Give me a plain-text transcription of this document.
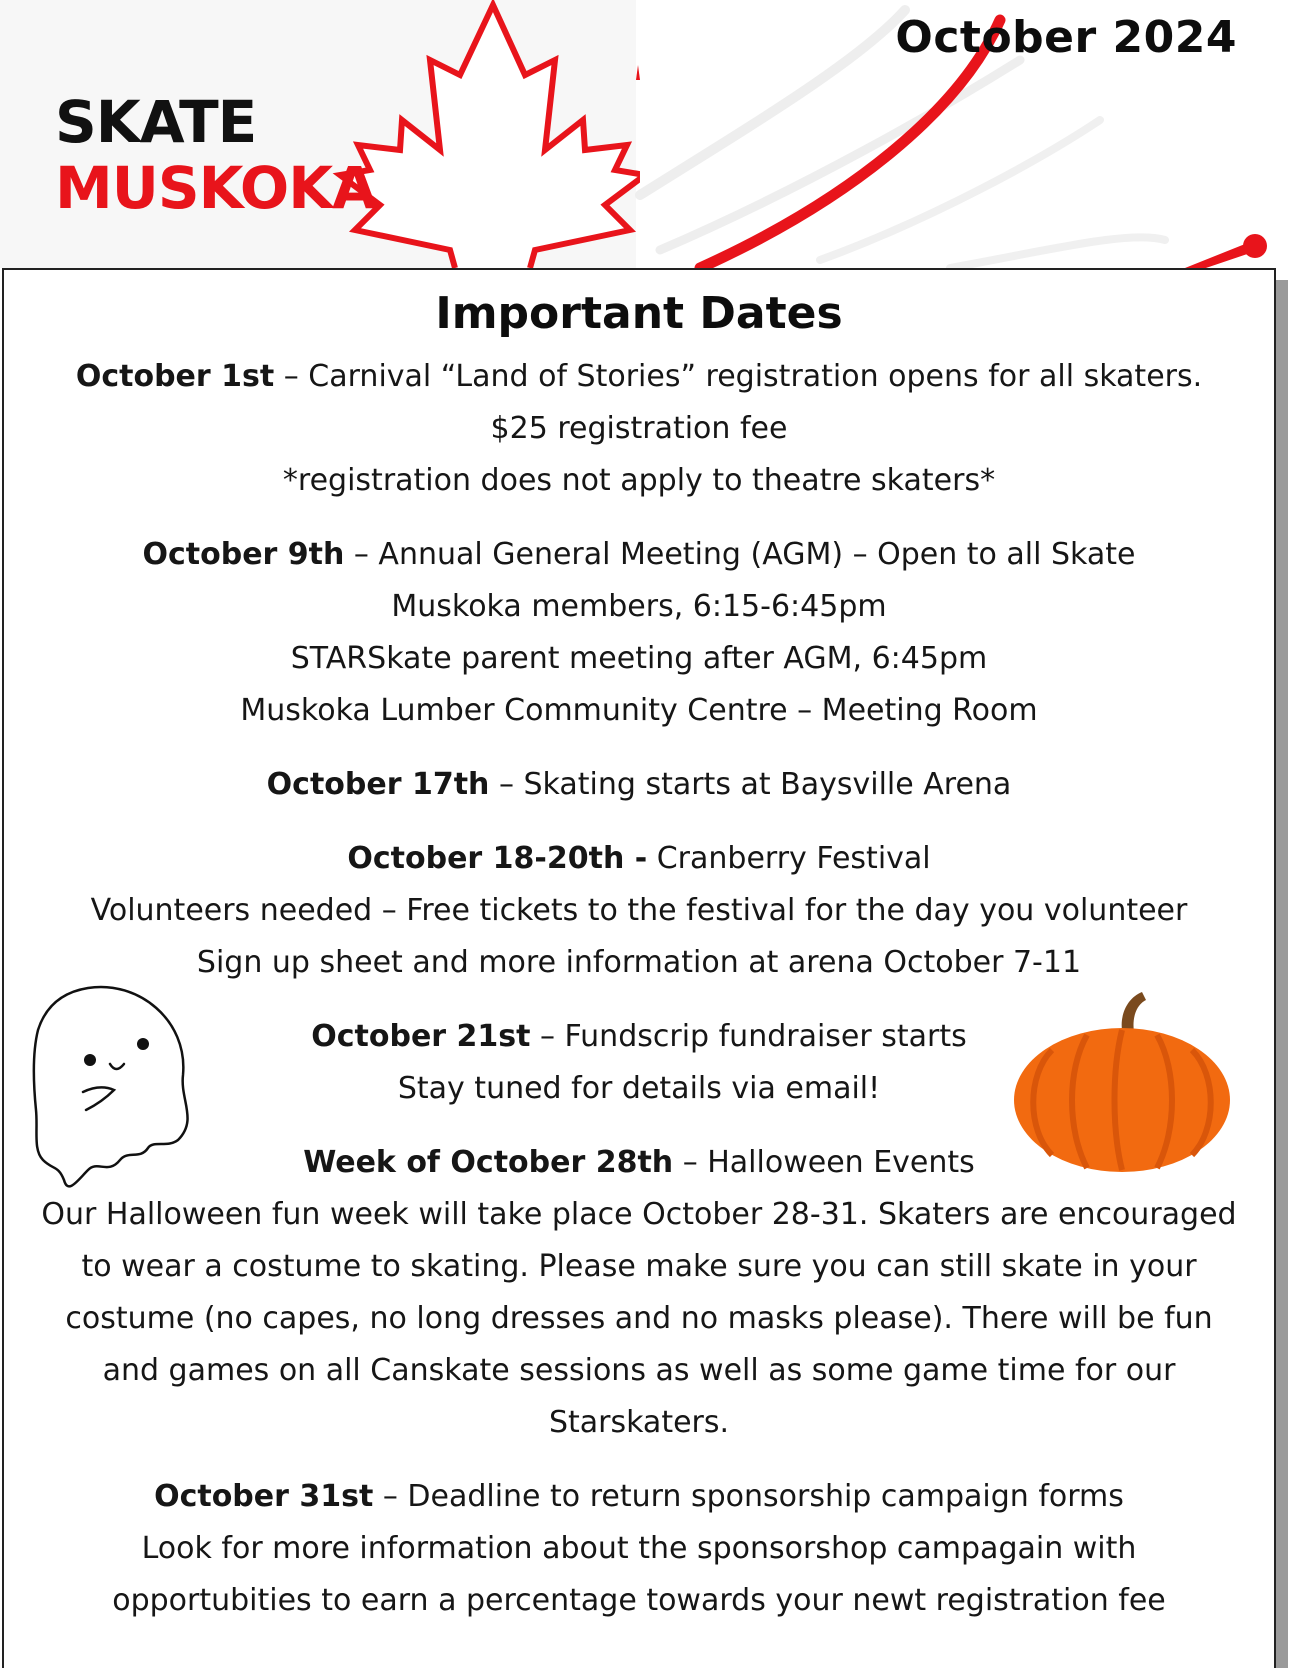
SKATE
MUSKOKA
October 2024
Important Dates
October 1st – Carnival “Land of Stories” registration opens for all skaters.
$25 registration fee
*registration does not apply to theatre skaters*
October 9th – Annual General Meeting (AGM) – Open to all Skate
Muskoka members, 6:15-6:45pm
STARSkate parent meeting after AGM, 6:45pm
Muskoka Lumber Community Centre – Meeting Room
October 17th – Skating starts at Baysville Arena
October 18-20th - Cranberry Festival
Volunteers needed – Free tickets to the festival for the day you volunteer
Sign up sheet and more information at arena October 7-11
October 21st – Fundscrip fundraiser starts
Stay tuned for details via email!
Week of October 28th – Halloween Events
Our Halloween fun week will take place October 28-31. Skaters are encouraged to wear a costume to skating. Please make sure you can still skate in your costume (no capes, no long dresses and no masks please). There will be fun and games on all Canskate sessions as well as some game time for our Starskaters.
October 31st – Deadline to return sponsorship campaign forms
Look for more information about the sponsorshop campagain with opportubities to earn a percentage towards your newt registration fee
